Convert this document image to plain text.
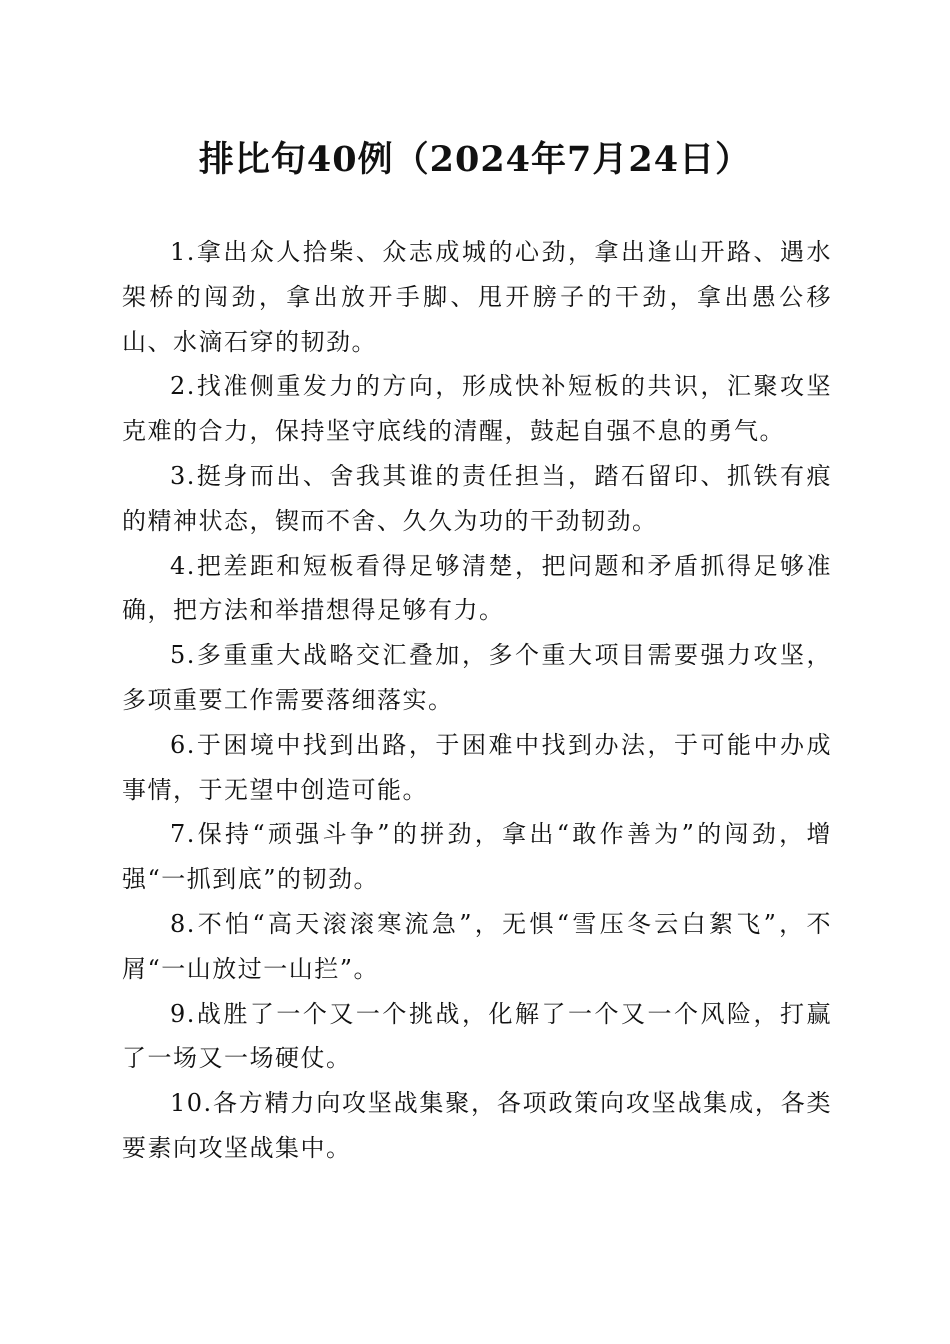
排比句40例（2024年7月24日）

1.拿出众人拾柴、众志成城的心劲，拿出逢山开路、遇水架桥的闯劲，拿出放开手脚、甩开膀子的干劲，拿出愚公移山、水滴石穿的韧劲。

2.找准侧重发力的方向，形成快补短板的共识，汇聚攻坚克难的合力，保持坚守底线的清醒，鼓起自强不息的勇气。

3.挺身而出、舍我其谁的责任担当，踏石留印、抓铁有痕的精神状态，锲而不舍、久久为功的干劲韧劲。

4.把差距和短板看得足够清楚，把问题和矛盾抓得足够准确，把方法和举措想得足够有力。

5.多重重大战略交汇叠加，多个重大项目需要强力攻坚，多项重要工作需要落细落实。

6.于困境中找到出路，于困难中找到办法，于可能中办成事情，于无望中创造可能。

7.保持“顽强斗争”的拼劲，拿出“敢作善为”的闯劲，增强“一抓到底”的韧劲。

8.不怕“高天滚滚寒流急”，无惧“雪压冬云白絮飞”，不屑“一山放过一山拦”。

9.战胜了一个又一个挑战，化解了一个又一个风险，打赢了一场又一场硬仗。

10.各方精力向攻坚战集聚，各项政策向攻坚战集成，各类要素向攻坚战集中。
